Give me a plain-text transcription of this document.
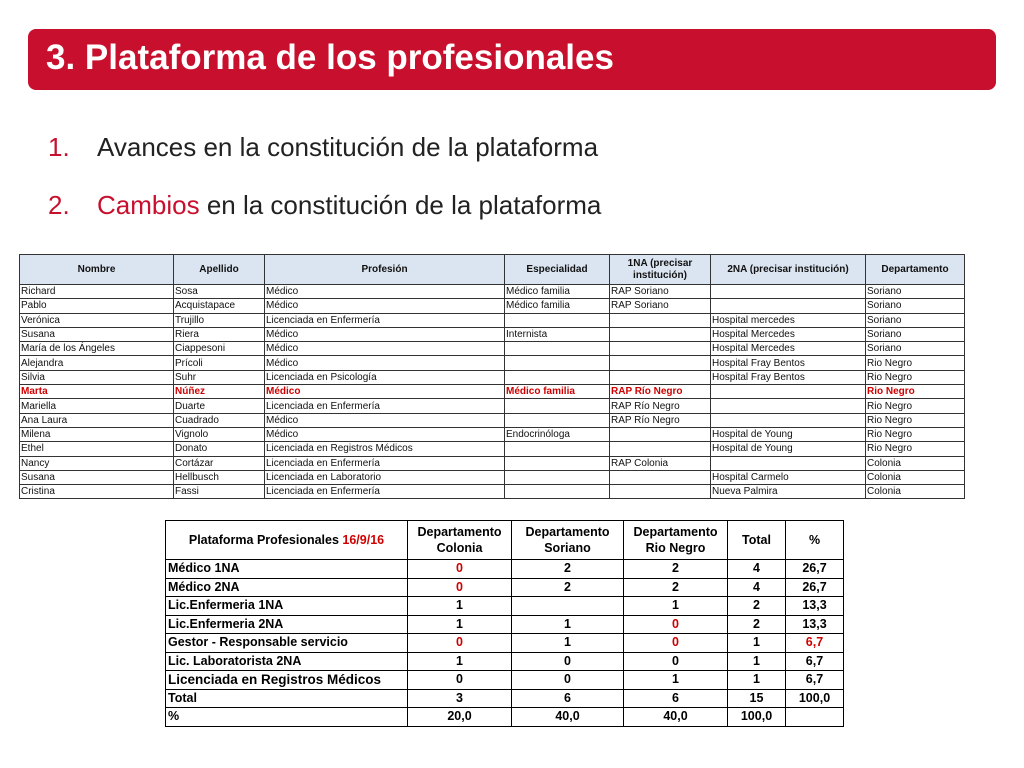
3. Plataforma de los profesionales
1. Avances en la constitución de la plataforma
2. Cambios en la constitución de la plataforma
Nombre	Apellido	Profesión	Especialidad	1NA (precisar institución)	2NA (precisar institución)	Departamento
Richard	Sosa	Médico	Médico familia	RAP Soriano		Soriano
Pablo	Acquistapace	Médico	Médico familia	RAP Soriano		Soriano
Verónica	Trujillo	Licenciada en Enfermería			Hospital mercedes	Soriano
Susana	Riera	Médico	Internista		Hospital Mercedes	Soriano
María de los Ángeles	Ciappesoni	Médico			Hospital Mercedes	Soriano
Alejandra	Prícoli	Médico			Hospital Fray Bentos	Rio Negro
Silvia	Suhr	Licenciada en Psicología			Hospital Fray Bentos	Rio Negro
Marta	Núñez	Médico	Médico familia	RAP Río Negro		Rio Negro
Mariella	Duarte	Licenciada en Enfermería		RAP Río Negro		Rio Negro
Ana Laura	Cuadrado	Médico		RAP Río Negro		Rio Negro
Milena	Vignolo	Médico	Endocrinóloga		Hospital de Young	Rio Negro
Ethel	Donato	Licenciada en Registros Médicos			Hospital de Young	Rio Negro
Nancy	Cortázar	Licenciada en Enfermería		RAP Colonia		Colonia
Susana	Hellbusch	Licenciada en Laboratorio			Hospital Carmelo	Colonia
Cristina	Fassi	Licenciada en Enfermería			Nueva Palmira	Colonia
Plataforma Profesionales 16/9/16	Departamento Colonia	Departamento Soriano	Departamento Rio Negro	Total	%
Médico 1NA	0	2	2	4	26,7
Médico 2NA	0	2	2	4	26,7
Lic.Enfermeria 1NA	1		1	2	13,3
Lic.Enfermeria 2NA	1	1	0	2	13,3
Gestor - Responsable servicio	0	1	0	1	6,7
Lic. Laboratorista 2NA	1	0	0	1	6,7
Licenciada en Registros Médicos	0	0	1	1	6,7
Total	3	6	6	15	100,0
%	20,0	40,0	40,0	100,0	
